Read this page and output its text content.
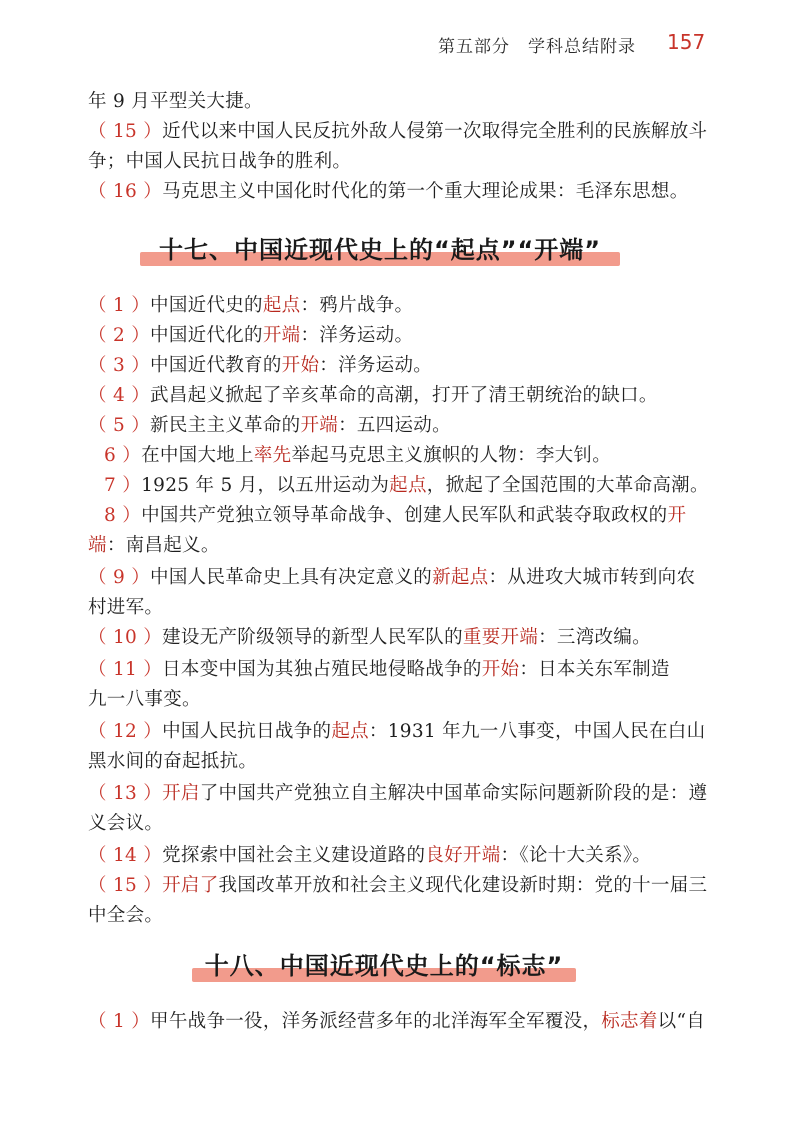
第五部分　学科总结附录 157
年 9 月平型关大捷。
（ 15 ）近代以来中国人民反抗外敌人侵第一次取得完全胜利的民族解放斗
争；中国人民抗日战争的胜利。
（ 16 ）马克思主义中国化时代化的第一个重大理论成果：毛泽东思想。
十七、中国近现代史上的“起点”“开端”
（ 1 ）中国近代史的起点：鸦片战争。
（ 2 ）中国近代化的开端：洋务运动。
（ 3 ）中国近代教育的开始：洋务运动。
（ 4 ）武昌起义掀起了辛亥革命的高潮，打开了清王朝统治的缺口。
（ 5 ）新民主主义革命的开端：五四运动。
6 ）在中国大地上率先举起马克思主义旗帜的人物：李大钊。
7 ）1925 年 5 月，以五卅运动为起点，掀起了全国范围的大革命高潮。
8 ）中国共产党独立领导革命战争、创建人民军队和武装夺取政权的开
端：南昌起义。
（ 9 ）中国人民革命史上具有决定意义的新起点：从进攻大城市转到向农
村进军。
（ 10 ）建设无产阶级领导的新型人民军队的重要开端：三湾改编。
（ 11 ）日本变中国为其独占殖民地侵略战争的开始：日本关东军制造
九一八事变。
（ 12 ）中国人民抗日战争的起点：1931 年九一八事变，中国人民在白山
黑水间的奋起抵抗。
（ 13 ）开启了中国共产党独立自主解决中国革命实际问题新阶段的是：遵
义会议。
（ 14 ）党探索中国社会主义建设道路的良好开端：《论十大关系》。
（ 15 ）开启了我国改革开放和社会主义现代化建设新时期：党的十一届三
中全会。
十八、中国近现代史上的“标志”
（ 1 ）甲午战争一役，洋务派经营多年的北洋海军全军覆没，标志着以“自
